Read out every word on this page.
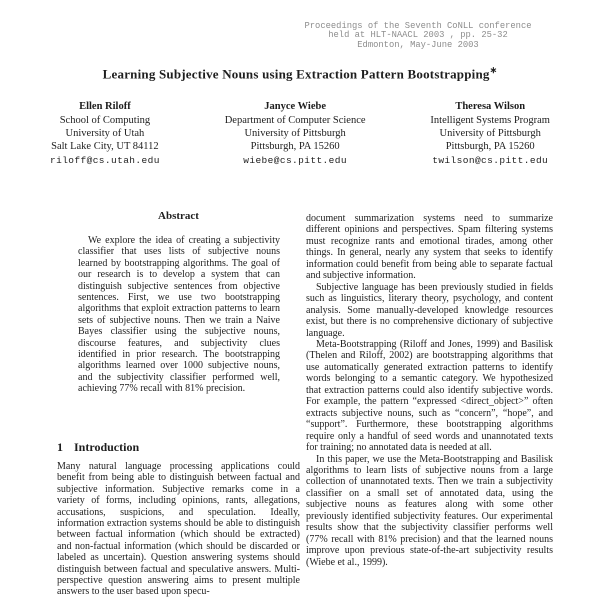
Proceedings of the Seventh CoNLL conference
held at HLT-NAACL 2003 , pp. 25-32
Edmonton, May-June 2003
Learning Subjective Nouns using Extraction Pattern Bootstrapping∗
Ellen Riloff
School of Computing
University of Utah
Salt Lake City, UT 84112
riloff@cs.utah.edu
Janyce Wiebe
Department of Computer Science
University of Pittsburgh
Pittsburgh, PA 15260
wiebe@cs.pitt.edu
Theresa Wilson
Intelligent Systems Program
University of Pittsburgh
Pittsburgh, PA 15260
twilson@cs.pitt.edu
Abstract
We explore the idea of creating a subjectivity classifier that uses lists of subjective nouns learned by bootstrapping algorithms. The goal of our research is to develop a system that can distinguish subjective sentences from objective sentences. First, we use two bootstrapping algorithms that exploit extraction patterns to learn sets of subjective nouns. Then we train a Naive Bayes classifier using the subjective nouns, discourse features, and subjectivity clues identified in prior research. The bootstrapping algorithms learned over 1000 subjective nouns, and the subjectivity classifier performed well, achieving 77% recall with 81% precision.
1 Introduction

Many natural language processing applications could benefit from being able to distinguish between factual and subjective information. Subjective remarks come in a variety of forms, including opinions, rants, allegations, accusations, suspicions, and speculation. Ideally, information extraction systems should be able to distinguish between factual information (which should be extracted) and non-factual information (which should be discarded or labeled as uncertain). Question answering systems should distinguish between factual and speculative answers. Multi-perspective question answering aims to present multiple answers to the user based upon specu-

document summarization systems need to summarize different opinions and perspectives. Spam filtering systems must recognize rants and emotional tirades, among other things. In general, nearly any system that seeks to identify information could benefit from being able to separate factual and subjective information.

Subjective language has been previously studied in fields such as linguistics, literary theory, psychology, and content analysis. Some manually-developed knowledge resources exist, but there is no comprehensive dictionary of subjective language.

Meta-Bootstrapping (Riloff and Jones, 1999) and Basilisk (Thelen and Riloff, 2002) are bootstrapping algorithms that use automatically generated extraction patterns to identify words belonging to a semantic category. We hypothesized that extraction patterns could also identify subjective words. For example, the pattern “expressed <direct_object>” often extracts subjective nouns, such as “concern”, “hope”, and “support”. Furthermore, these bootstrapping algorithms require only a handful of seed words and unannotated texts for training; no annotated data is needed at all.

In this paper, we use the Meta-Bootstrapping and Basilisk algorithms to learn lists of subjective nouns from a large collection of unannotated texts. Then we train a subjectivity classifier on a small set of annotated data, using the subjective nouns as features along with some other previously identified subjectivity features. Our experimental results show that the subjectivity classifier performs well (77% recall with 81% precision) and that the learned nouns improve upon previous state-of-the-art subjectivity results (Wiebe et al., 1999).
